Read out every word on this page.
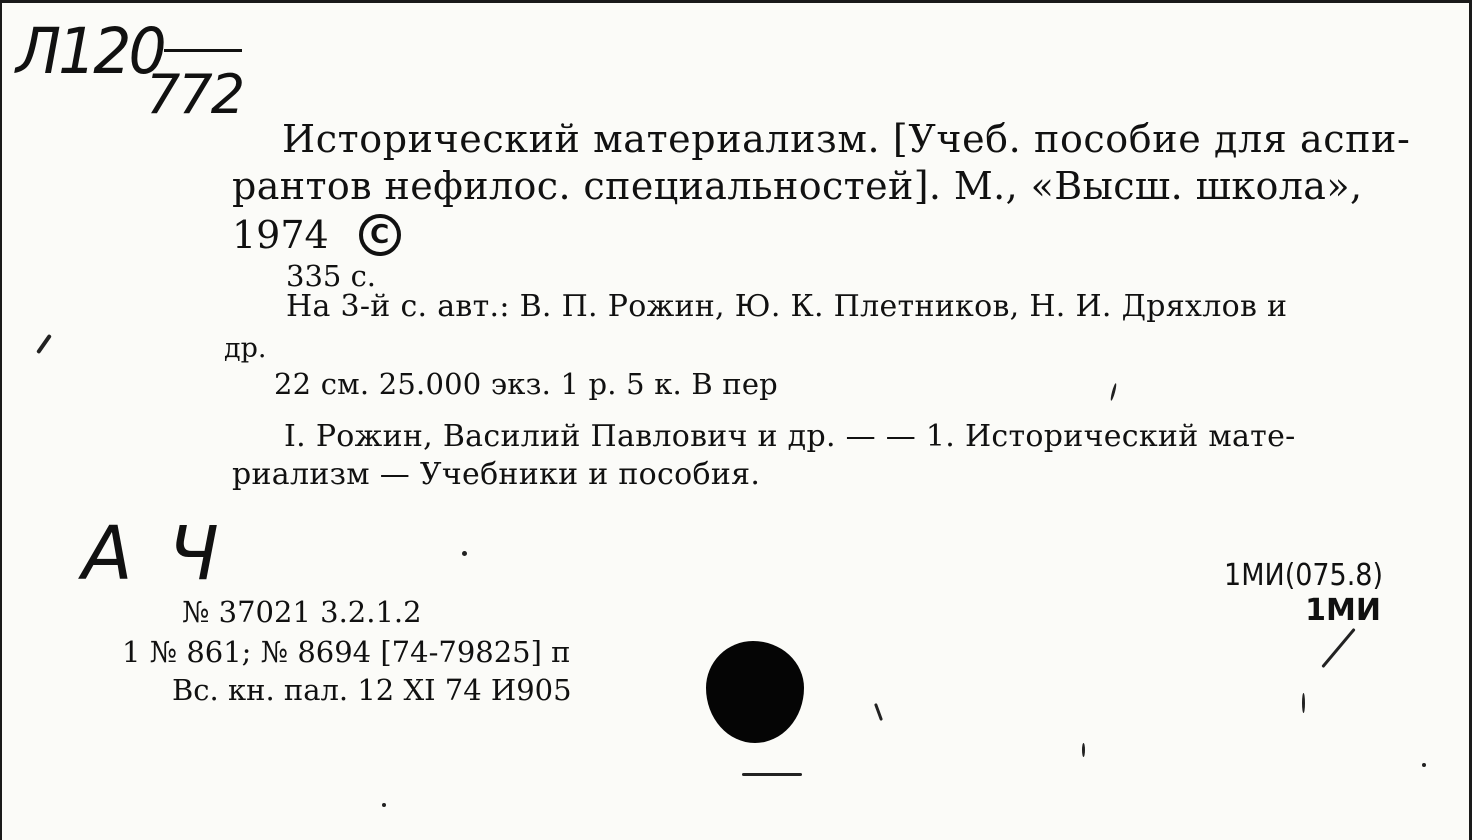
Л120
772
Исторический материализм. [Учеб. пособие для аспи-
рантов нефилос. специальностей]. М., «Высш. школа»,
1974 C
335 с.
На 3-й с. авт.: В. П. Рожин, Ю. К. Плетников, Н. И. Дряхлов и
др.
22 см. 25.000 экз. 1 р. 5 к. В пер
I. Рожин, Василий Павлович и др. — — 1. Исторический мате-
риализм — Учебники и пособия.
А Ч	1МИ(075.8)
1МИ
№ 37021 3.2.1.2
1 № 861; № 8694 [74-79825] п
Вс. кн. пал. 12 XI 74 И905
